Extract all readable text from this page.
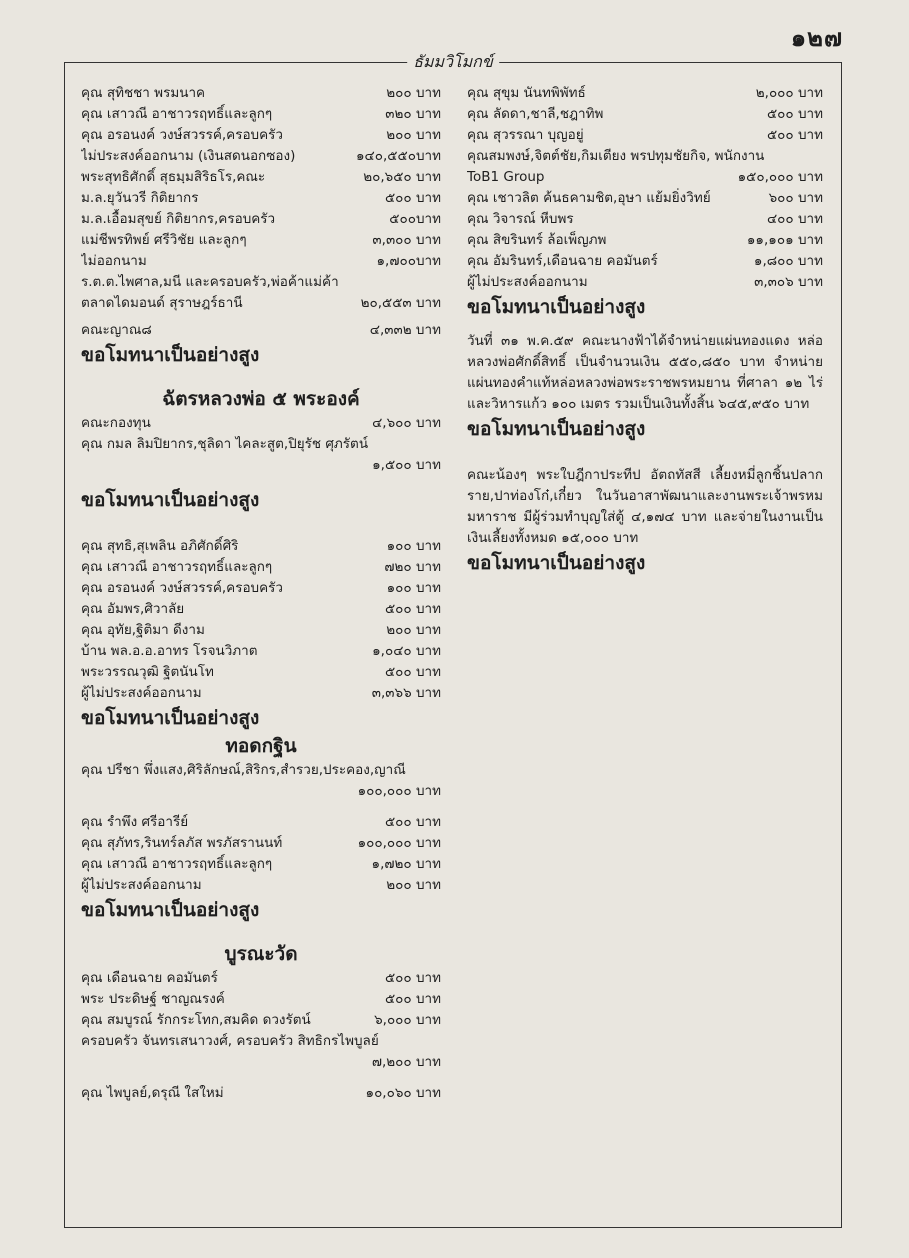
๑๒๗
ธัมมวิโมกข์
คุณ สุทิชชา พรมนาค	๒๐๐ บาท
คุณ เสาวณี อาชาวรฤทธิ์และลูกๆ	๓๒๐ บาท
คุณ อรอนงค์ วงษ์สวรรค์,ครอบครัว	๒๐๐ บาท
ไม่ประสงค์ออกนาม (เงินสดนอกซอง)	๑๔๐,๕๕๐บาท
พระสุทธิศักดิ์ สุธมฺมสิริธโร,คณะ	๒๐,๖๕๐ บาท
ม.ล.ยุวันวรี กิติยากร	๕๐๐ บาท
ม.ล.เอื้อมสุขย์ กิติยากร,ครอบครัว	๕๐๐บาท
แม่ชีพรทิพย์ ศรีวิชัย และลูกๆ	๓,๓๐๐ บาท
ไม่ออกนาม	๑,๗๐๐บาท
ร.ต.ต.ไพศาล,มนี และครอบครัว,พ่อค้าแม่ค้า
ตลาดไดมอนด์ สุราษฎร์ธานี	๒๐,๕๕๓ บาท
คณะญาณ๘	๔,๓๓๒ บาท
ขอโมทนาเป็นอย่างสูง
ฉัตรหลวงพ่อ ๕ พระองค์
คณะกองทุน	๔,๖๐๐ บาท
คุณ กมล ลิมปิยากร,ชุลิดา ไคละสูต,ปิยุรัช ศุภรัตน์
๑,๕๐๐ บาท
ขอโมทนาเป็นอย่างสูง
คุณ สุทธิ,สุเพลิน อภิศักดิ์ศิริ	๑๐๐ บาท
คุณ เสาวณี อาชาวรฤทธิ์และลูกๆ	๗๒๐ บาท
คุณ อรอนงค์ วงษ์สวรรค์,ครอบครัว	๑๐๐ บาท
คุณ อัมพร,ศิวาลัย	๕๐๐ บาท
คุณ อุทัย,ฐิติมา ดีงาม	๒๐๐ บาท
บ้าน พล.อ.อ.อาทร โรจนวิภาต	๑,๐๔๐ บาท
พระวรรณวุฒิ ฐิตนันโท	๕๐๐ บาท
ผู้ไม่ประสงค์ออกนาม	๓,๓๖๖ บาท
ขอโมทนาเป็นอย่างสูง
ทอดกฐิน
คุณ ปรีชา พึ่งแสง,ศิริลักษณ์,สิริกร,สำรวย,ประคอง,ญาณี
๑๐๐,๐๐๐ บาท
คุณ รำพึง ศรีอารีย์	๕๐๐ บาท
คุณ สุภัทร,รินทร์ลภัส พรภัสรานนท์	๑๐๐,๐๐๐ บาท
คุณ เสาวณี อาชาวรฤทธิ์และลูกๆ	๑,๗๒๐ บาท
ผู้ไม่ประสงค์ออกนาม	๒๐๐ บาท
ขอโมทนาเป็นอย่างสูง
บูรณะวัด
คุณ เดือนฉาย คอมันตร์	๕๐๐ บาท
พระ ประดิษฐ์ ชาญณรงค์	๕๐๐ บาท
คุณ สมบูรณ์ รักกระโทก,สมคิด ดวงรัตน์	๖,๐๐๐ บาท
ครอบครัว จันทรเสนาวงศ์, ครอบครัว สิทธิกรไพบูลย์
๗,๒๐๐ บาท
คุณ ไพบูลย์,ดรุณี ใสใหม่	๑๐,๐๖๐ บาท
คุณ สุขุม นันทพิพัทธ์	๒,๐๐๐ บาท
คุณ ลัดดา,ชาลี,ชฎาทิพ	๕๐๐ บาท
คุณ สุวรรณา บุญอยู่	๕๐๐ บาท
คุณสมพงษ์,จิตต์ชัย,กิมเตียง พรปทุมชัยกิจ, พนักงาน
ToB1 Group	๑๕๐,๐๐๐ บาท
คุณ เชาวลิต ค้นธคามชิต,อุษา แย้มยิ่งวิทย์	๖๐๐ บาท
คุณ วิจารณ์ หีบพร	๔๐๐ บาท
คุณ สิขรินทร์ ล้อเพ็ญภพ	๑๑,๑๐๑ บาท
คุณ อัมรินทร์,เดือนฉาย คอมันตร์	๑,๘๐๐ บาท
ผู้ไม่ประสงค์ออกนาม	๓,๓๐๖ บาท
ขอโมทนาเป็นอย่างสูง
วันที่ ๓๑ พ.ค.๕๙ คณะนางฟ้าได้จำหน่ายแผ่นทองแดง หล่อหลวงพ่อศักดิ์สิทธิ์ เป็นจำนวนเงิน ๕๕๐,๘๕๐ บาท จำหน่ายแผ่นทองคำแท้หล่อหลวงพ่อพระราชพรหมยาน ที่ศาลา ๑๒ ไร่ และวิหารแก้ว ๑๐๐ เมตร รวมเป็นเงินทั้งสิ้น ๖๔๕,๙๕๐ บาท
ขอโมทนาเป็นอย่างสูง
คณะน้องๆ พระใบฎีกาประทีป อัตถทัสสี เลี้ยงหมี่ลูกชิ้นปลากราย,ปาท่องโก๋,เกี๋ยว ในวันอาสาพัฒนาและงานพระเจ้าพรหมมหาราช มีผู้ร่วมทำบุญใส่ตู้ ๔,๑๗๔ บาท และจ่ายในงานเป็นเงินเลี้ยงทั้งหมด ๑๕,๐๐๐ บาท
ขอโมทนาเป็นอย่างสูง
